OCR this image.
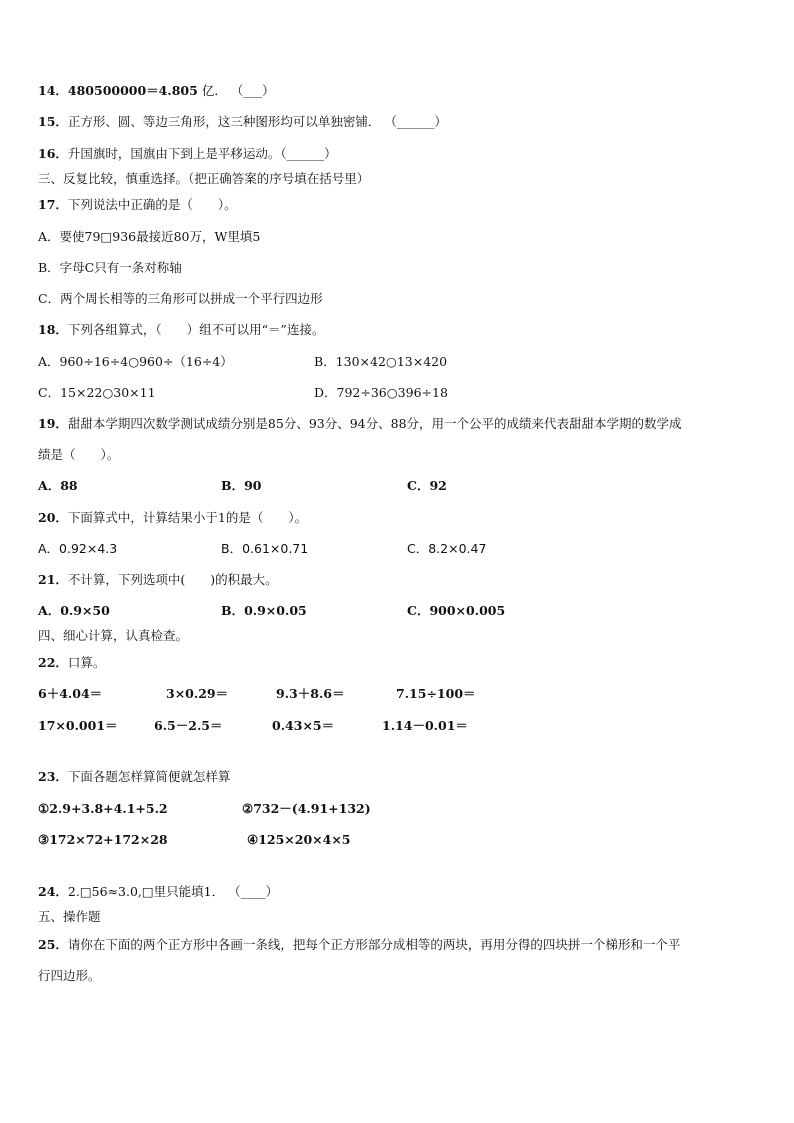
14．480500000＝4.805 亿． （___）
15．正方形、圆、等边三角形，这三种图形均可以单独密铺． （______）
16．升国旗时，国旗由下到上是平移运动。（______）
三、反复比较，慎重选择。（把正确答案的序号填在括号里）
17．下列说法中正确的是（　　）。
A．要使79□936最接近80万，W里填5
B．字母C只有一条对称轴
C．两个周长相等的三角形可以拼成一个平行四边形
18．下列各组算式，（　　）组不可以用“＝”连接。
A．960÷16÷4○960÷（16÷4）	B．130×42○13×420
C．15×22○30×11	D．792÷36○396÷18
19．甜甜本学期四次数学测试成绩分别是85分、93分、94分、88分，用一个公平的成绩来代表甜甜本学期的数学成
绩是（　　）。
A．88	B．90	C．92
20．下面算式中，计算结果小于1的是（　　）。
A．0.92×4.3	B．0.61×0.71	C．8.2×0.47
21．不计算，下列选项中(　　)的积最大。
A．0.9×50	B．0.9×0.05	C．900×0.005
四、细心计算，认真检查。
22．口算。
6＋4.04＝	3×0.29＝	9.3＋8.6＝	7.15÷100＝
17×0.001＝	6.5－2.5＝	0.43×5＝	1.14－0.01＝
23．下面各题怎样算简便就怎样算
①2.9+3.8+4.1+5.2	②732－(4.91+132)
③172×72+172×28	④125×20×4×5
24．2.□56≈3.0,□里只能填1． （____）
五、操作题
25．请你在下面的两个正方形中各画一条线，把每个正方形部分成相等的两块，再用分得的四块拼一个梯形和一个平
行四边形。
